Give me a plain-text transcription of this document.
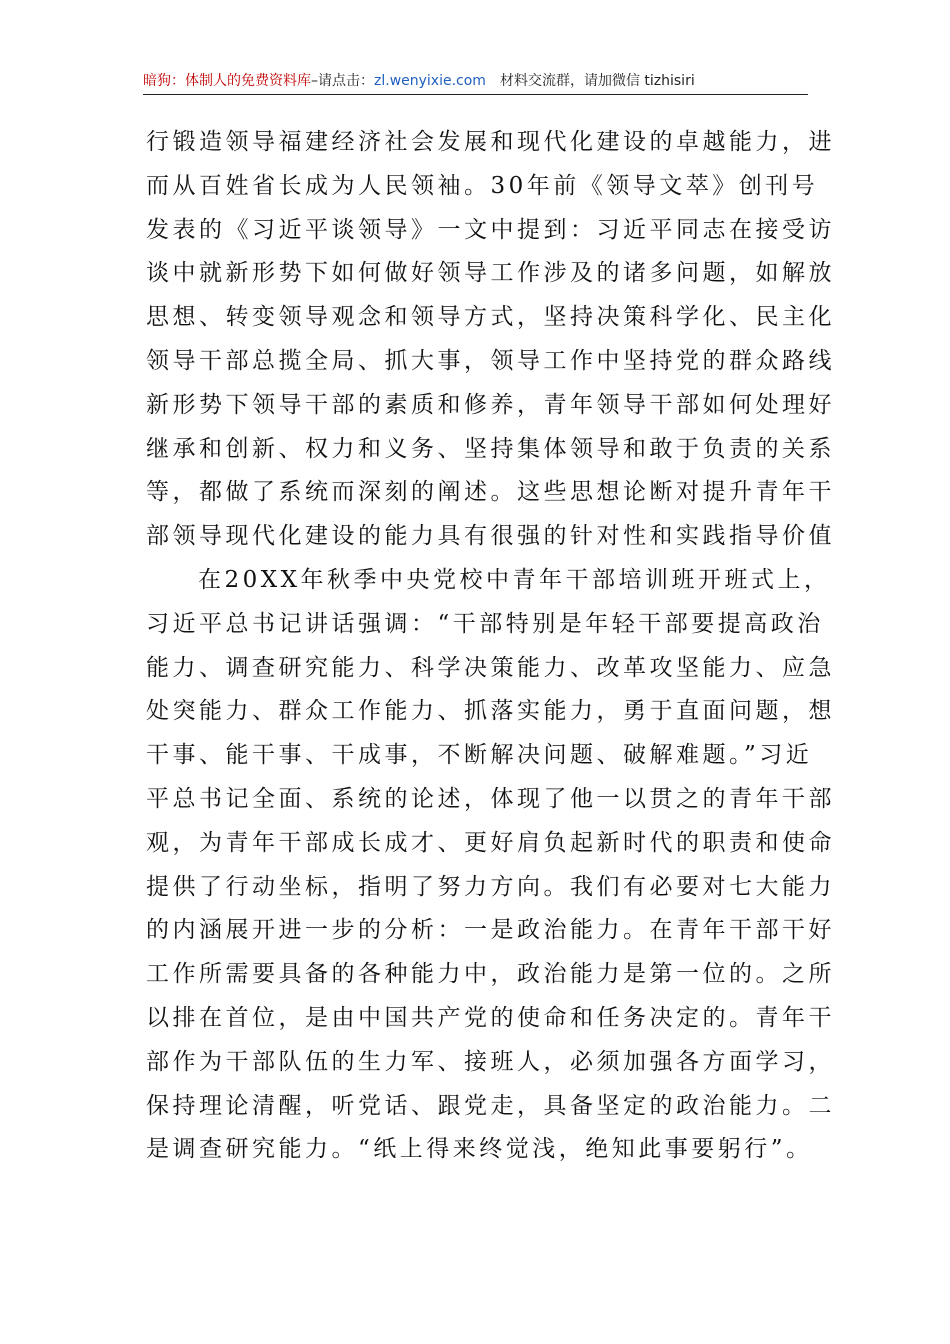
暗狗：体制人的免费资料库–请点击：zl.wenyixie.com 材料交流群，请加微信 tizhisiri
行锻造领导福建经济社会发展和现代化建设的卓越能力，进
而从百姓省长成为人民领袖。30年前《领导文萃》创刊号
发表的《习近平谈领导》一文中提到：习近平同志在接受访
谈中就新形势下如何做好领导工作涉及的诸多问题，如解放
思想、转变领导观念和领导方式，坚持决策科学化、民主化
领导干部总揽全局、抓大事，领导工作中坚持党的群众路线
新形势下领导干部的素质和修养，青年领导干部如何处理好
继承和创新、权力和义务、坚持集体领导和敢于负责的关系
等，都做了系统而深刻的阐述。这些思想论断对提升青年干
部领导现代化建设的能力具有很强的针对性和实践指导价值
在20XX年秋季中央党校中青年干部培训班开班式上，
习近平总书记讲话强调：“干部特别是年轻干部要提高政治
能力、调查研究能力、科学决策能力、改革攻坚能力、应急
处突能力、群众工作能力、抓落实能力，勇于直面问题，想
干事、能干事、干成事，不断解决问题、破解难题。”习近
平总书记全面、系统的论述，体现了他一以贯之的青年干部
观，为青年干部成长成才、更好肩负起新时代的职责和使命
提供了行动坐标，指明了努力方向。我们有必要对七大能力
的内涵展开进一步的分析：一是政治能力。在青年干部干好
工作所需要具备的各种能力中，政治能力是第一位的。之所
以排在首位，是由中国共产党的使命和任务决定的。青年干
部作为干部队伍的生力军、接班人，必须加强各方面学习，
保持理论清醒，听党话、跟党走，具备坚定的政治能力。二
是调查研究能力。“纸上得来终觉浅，绝知此事要躬行”。
